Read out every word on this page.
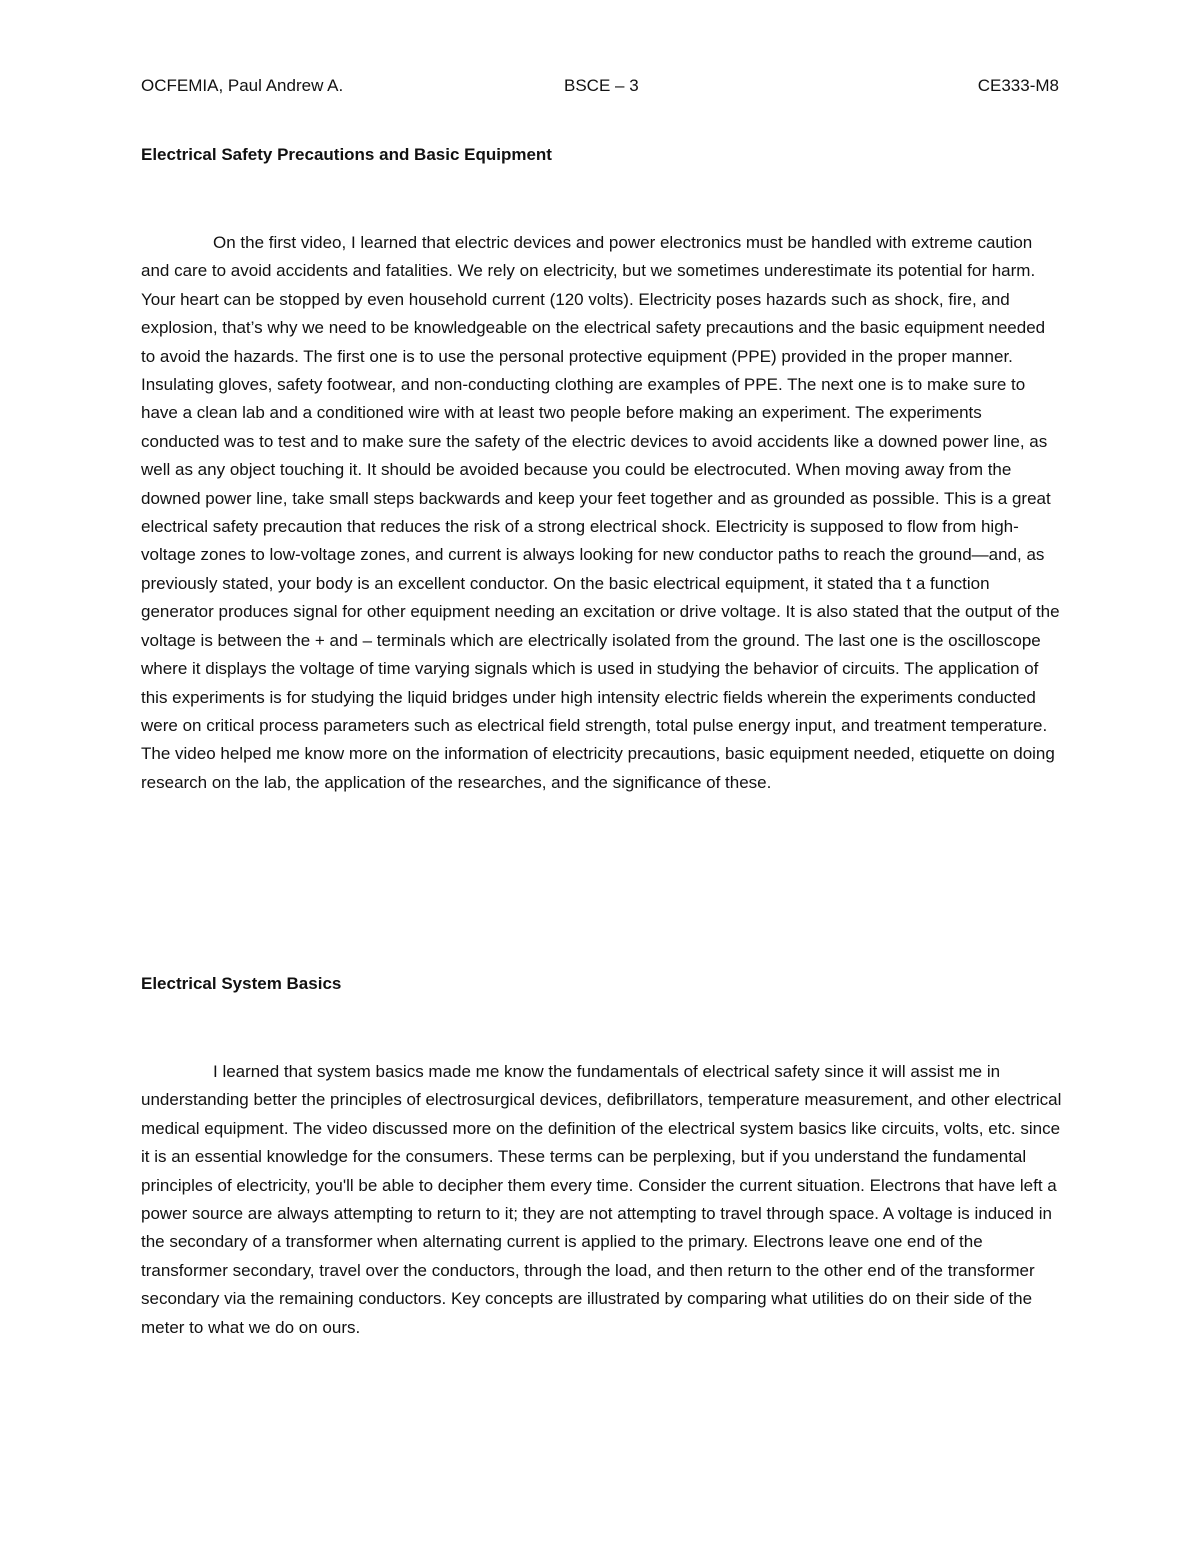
OCFEMIA, Paul Andrew A.	BSCE – 3	CE333-M8
Electrical Safety Precautions and Basic Equipment

On the first video, I learned that electric devices and power electronics must be handled with extreme caution and care to avoid accidents and fatalities. We rely on electricity, but we sometimes underestimate its potential for harm. Your heart can be stopped by even household current (120 volts). Electricity poses hazards such as shock, fire, and explosion, that’s why we need to be knowledgeable on the electrical safety precautions and the basic equipment needed to avoid the hazards. The first one is to use the personal protective equipment (PPE) provided in the proper manner. Insulating gloves, safety footwear, and non-conducting clothing are examples of PPE. The next one is to make sure to have a clean lab and a conditioned wire with at least two people before making an experiment. The experiments conducted was to test and to make sure the safety of the electric devices to avoid accidents like a downed power line, as well as any object touching it. It should be avoided because you could be electrocuted. When moving away from the downed power line, take small steps backwards and keep your feet together and as grounded as possible. This is a great electrical safety precaution that reduces the risk of a strong electrical shock. Electricity is supposed to flow from high-voltage zones to low-voltage zones, and current is always looking for new conductor paths to reach the ground—and, as previously stated, your body is an excellent conductor. On the basic electrical equipment, it stated tha t a function generator produces signal for other equipment needing an excitation or drive voltage. It is also stated that the output of the voltage is between the + and – terminals which are electrically isolated from the ground. The last one is the oscilloscope where it displays the voltage of time varying signals which is used in studying the behavior of circuits. The application of this experiments is for studying the liquid bridges under high intensity electric fields wherein the experiments conducted were on critical process parameters such as electrical field strength, total pulse energy input, and treatment temperature. The video helped me know more on the information of electricity precautions, basic equipment needed, etiquette on doing research on the lab, the application of the researches, and the significance of these.

Electrical System Basics

I learned that system basics made me know the fundamentals of electrical safety since it will assist me in understanding better the principles of electrosurgical devices, defibrillators, temperature measurement, and other electrical medical equipment. The video discussed more on the definition of the electrical system basics like circuits, volts, etc. since it is an essential knowledge for the consumers. These terms can be perplexing, but if you understand the fundamental principles of electricity, you'll be able to decipher them every time. Consider the current situation. Electrons that have left a power source are always attempting to return to it; they are not attempting to travel through space. A voltage is induced in the secondary of a transformer when alternating current is applied to the primary. Electrons leave one end of the transformer secondary, travel over the conductors, through the load, and then return to the other end of the transformer secondary via the remaining conductors. Key concepts are illustrated by comparing what utilities do on their side of the meter to what we do on ours.
